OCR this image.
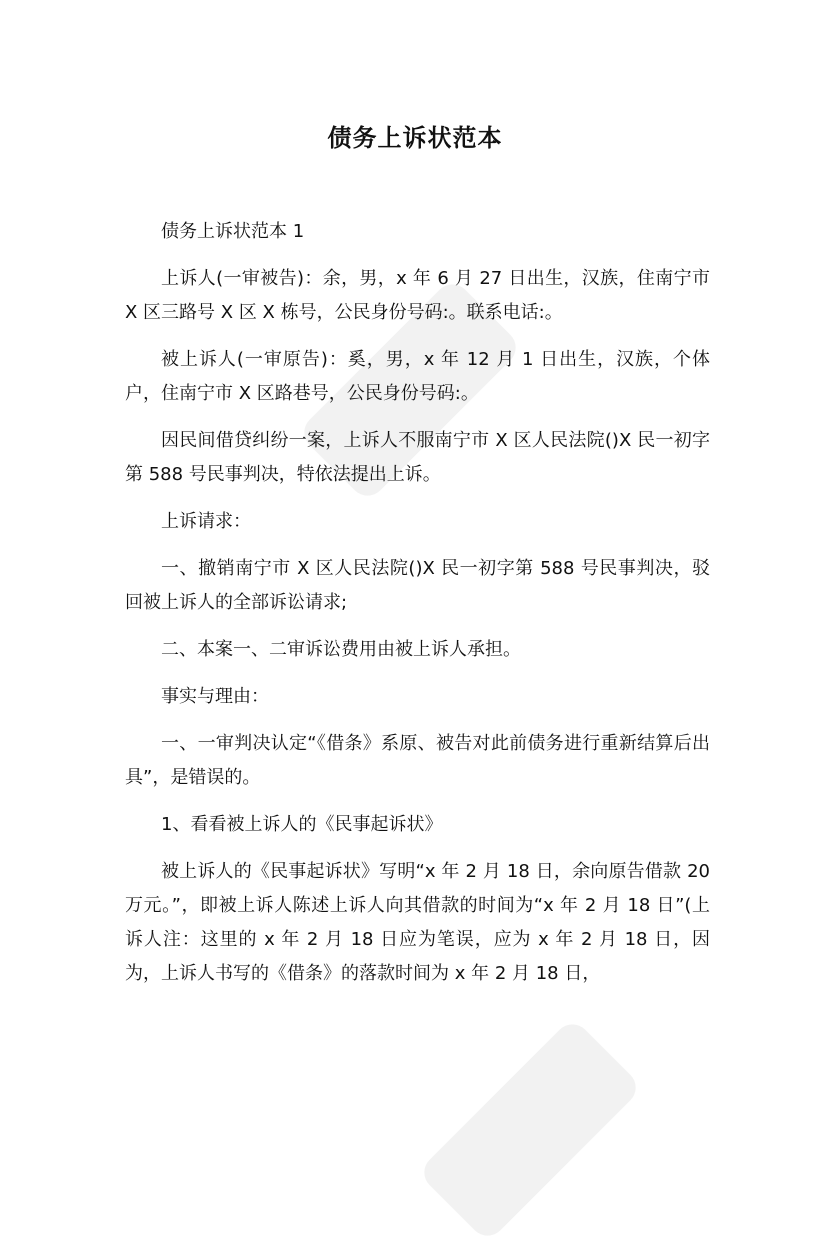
债务上诉状范本

债务上诉状范本 1

上诉人(一审被告)：余，男，x 年 6 月 27 日出生，汉族，住南宁市 X 区三路号 X 区 X 栋号，公民身份号码:。联系电话:。

被上诉人(一审原告)：奚，男，x 年 12 月 1 日出生，汉族，个体户，住南宁市 X 区路巷号，公民身份号码:。

因民间借贷纠纷一案，上诉人不服南宁市 X 区人民法院()X 民一初字第 588 号民事判决，特依法提出上诉。

上诉请求：

一、撤销南宁市 X 区人民法院()X 民一初字第 588 号民事判决，驳回被上诉人的全部诉讼请求;

二、本案一、二审诉讼费用由被上诉人承担。

事实与理由：

一、一审判决认定“《借条》系原、被告对此前债务进行重新结算后出具”，是错误的。

1、看看被上诉人的《民事起诉状》

被上诉人的《民事起诉状》写明“x 年 2 月 18 日，余向原告借款 20 万元。”，即被上诉人陈述上诉人向其借款的时间为“x 年 2 月 18 日”(上诉人注：这里的 x 年 2 月 18 日应为笔误，应为 x 年 2 月 18 日，因为，上诉人书写的《借条》的落款时间为 x 年 2 月 18 日，
